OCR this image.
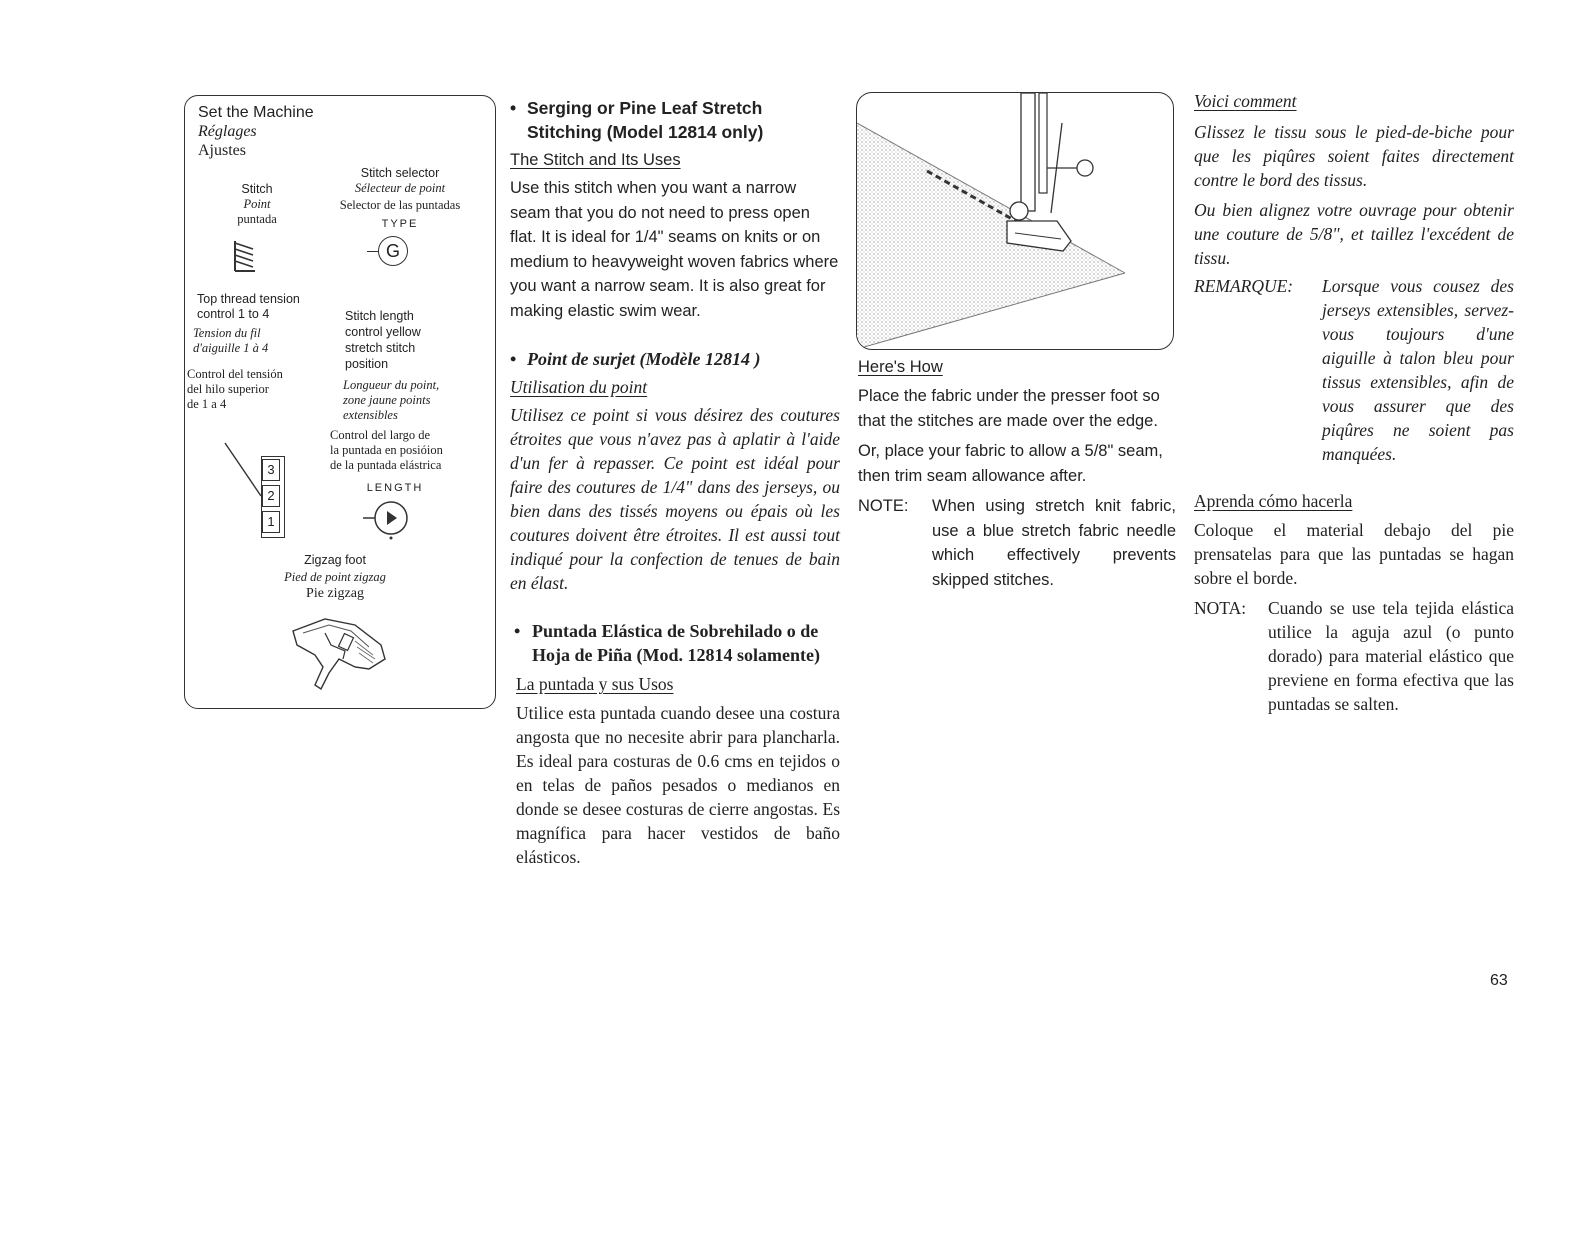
Set the Machine
Réglages
Ajustes
Stitch
Point
puntada
Stitch selector
Sélecteur de point
Selector de las puntadas
TYPE
G
Top thread tension
control 1 to 4
Tension du fil
d'aiguille 1 à 4
Control del tensión
del hilo superior
de 1 a 4
3
2
1
Stitch length
control yellow
stretch stitch
position
Longueur du point,
zone jaune points
extensibles
Control del largo de
la puntada en posióion
de la puntada elástrica
LENGTH
Zigzag foot
Pied de point zigzag
Pie zigzag
• Serging or Pine Leaf Stretch
Stitching (Model 12814 only)
The Stitch and Its Uses

Use this stitch when you want a narrow seam that you do not need to press open flat. It is ideal for 1/4" seams on knits or on medium to heavyweight woven fabrics where you want a narrow seam. It is also great for making elastic swim wear.

• Point de surjet (Modèle 12814 )
Utilisation du point

Utilisez ce point si vous désirez des coutures étroites que vous n'avez pas à aplatir à l'aide d'un fer à repasser. Ce point est idéal pour faire des coutures de 1/4" dans des jerseys, ou bien dans des tissés moyens ou épais où les coutures doivent être étroites. Il est aussi tout indiqué pour la confection de tenues de bain en élast.

• Puntada Elástica de Sobrehilado o de
Hoja de Piña (Mod. 12814 solamente)
La puntada y sus Usos

Utilice esta puntada cuando desee una costura angosta que no necesite abrir para plancharla. Es ideal para costuras de 0.6 cms en tejidos o en telas de paños pesados o medianos en donde se desee costuras de cierre angostas. Es magnífica para hacer vestidos de baño elásticos.

Here's How

Place the fabric under the presser foot so that the stitches are made over the edge.

Or, place your fabric to allow a 5/8" seam, then trim seam allowance after.

NOTE:	When using stretch knit fabric, use a blue stretch fabric needle which effectively prevents skipped stitches.
Voici comment

Glissez le tissu sous le pied-de-biche pour que les piqûres soient faites directement contre le bord des tissus.

Ou bien alignez votre ouvrage pour obtenir une couture de 5/8", et taillez l'excédent de tissu.

REMARQUE:	Lorsque vous cousez des jerseys extensibles, servez-vous toujours d'une aiguille à talon bleu pour tissus extensibles, afin de vous assurer que des piqûres ne soient pas manquées.
Aprenda cómo hacerla

Coloque el material debajo del pie prensatelas para que las puntadas se hagan sobre el borde.

NOTA:	Cuando se use tela tejida elástica utilice la aguja azul (o punto dorado) para material elástico que previene en forma efectiva que las puntadas se salten.
63
